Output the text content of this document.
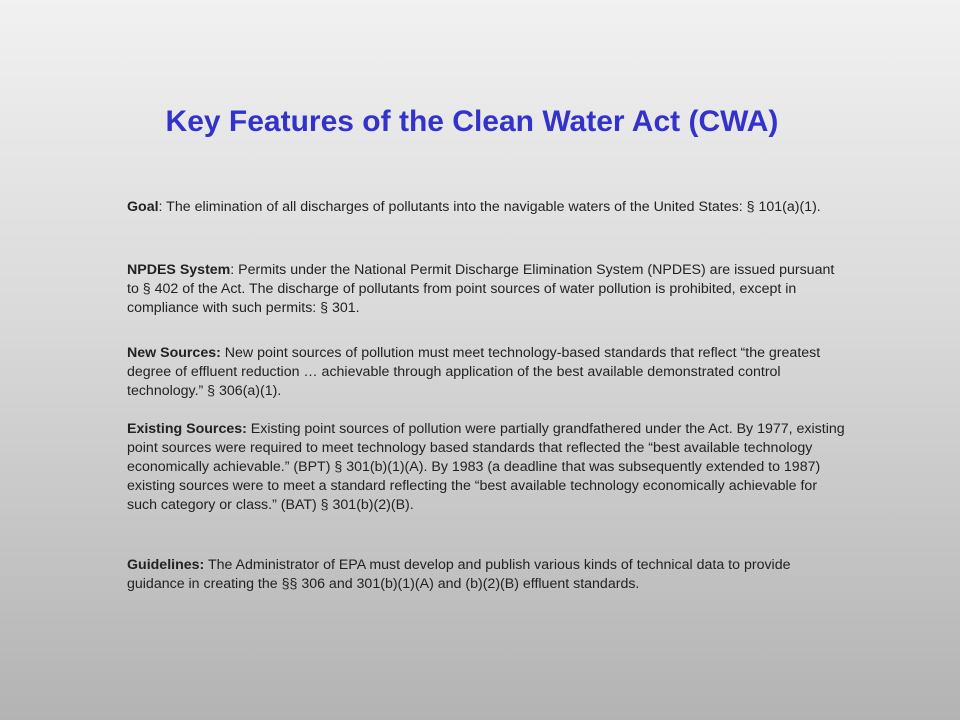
Key Features of the Clean Water Act (CWA)

Goal: The elimination of all discharges of pollutants into the navigable waters of the United States: § 101(a)(1).

NPDES System: Permits under the National Permit Discharge Elimination System (NPDES) are issued pursuant to § 402 of the Act. The discharge of pollutants from point sources of water pollution is prohibited, except in compliance with such permits: § 301.

New Sources: New point sources of pollution must meet technology-based standards that reflect “the greatest degree of effluent reduction … achievable through application of the best available demonstrated control technology.” § 306(a)(1).

Existing Sources: Existing point sources of pollution were partially grandfathered under the Act. By 1977, existing point sources were required to meet technology based standards that reflected the “best available technology economically achievable.” (BPT) § 301(b)(1)(A). By 1983 (a deadline that was subsequently extended to 1987) existing sources were to meet a standard reflecting the “best available technology economically achievable for such category or class.” (BAT) § 301(b)(2)(B).

Guidelines: The Administrator of EPA must develop and publish various kinds of technical data to provide guidance in creating the §§ 306 and 301(b)(1)(A) and (b)(2)(B) effluent standards.
